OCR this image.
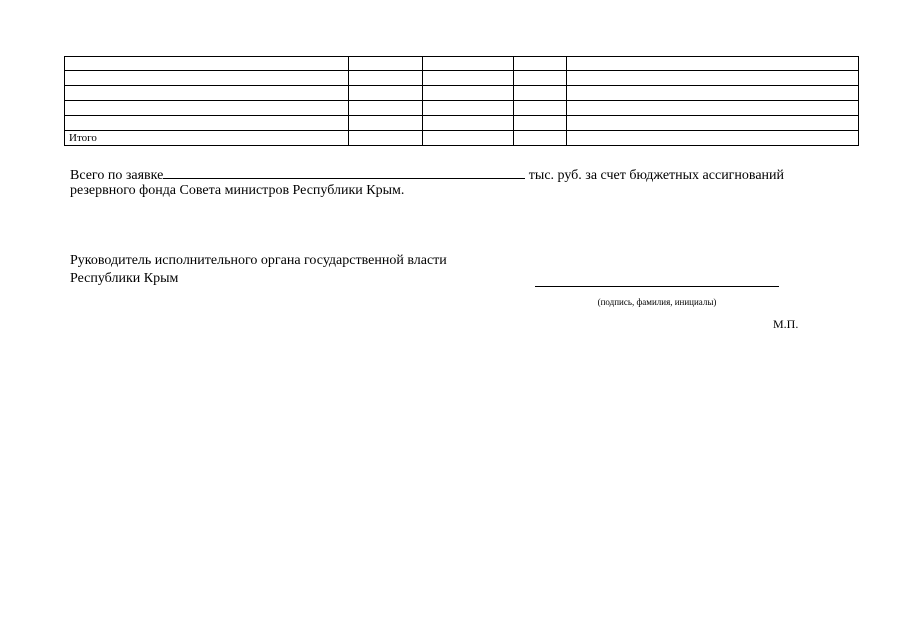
Итого				
Всего по заявке	тыс. руб. за счет бюджетных ассигнований
резервного фонда Совета министров Республики Крым.
Руководитель исполнительного органа государственной власти
Республики Крым
(подпись, фамилия, инициалы)
М.П.
